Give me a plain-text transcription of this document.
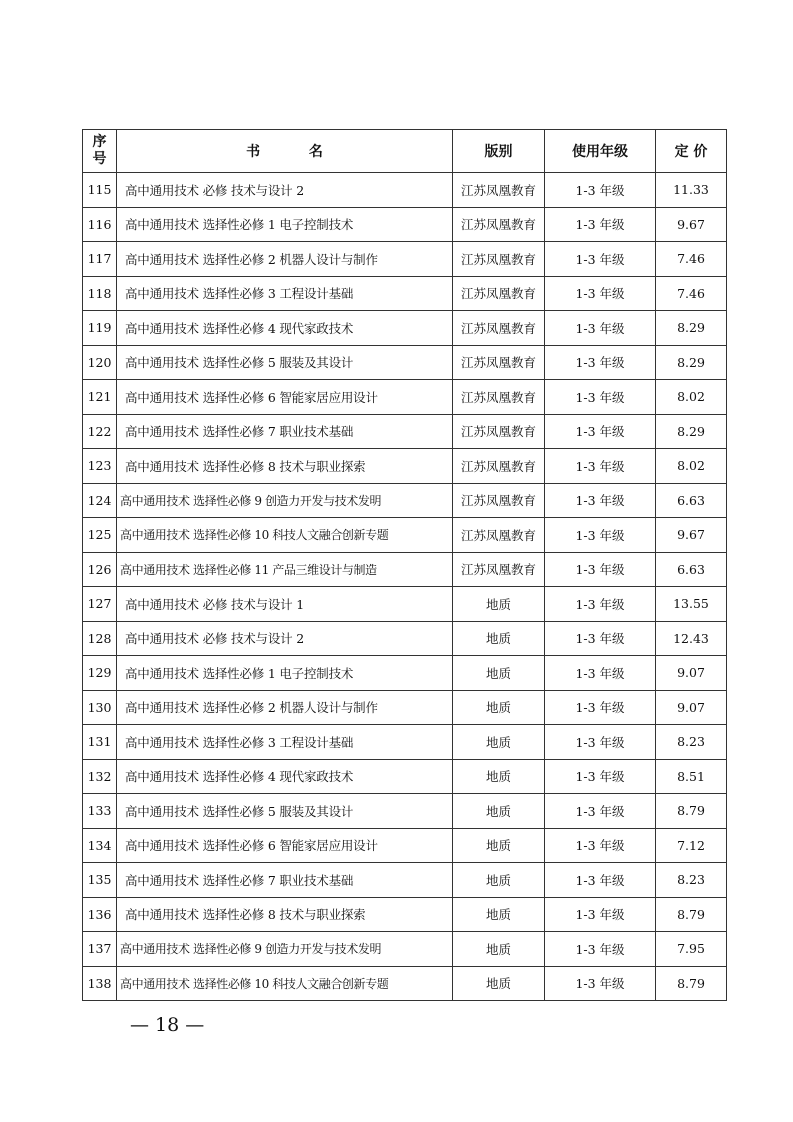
序号	书 名	版别	使用年级	定 价
115	高中通用技术 必修 技术与设计 2	江苏凤凰教育	1-3 年级	11.33
116	高中通用技术 选择性必修 1 电子控制技术	江苏凤凰教育	1-3 年级	9.67
117	高中通用技术 选择性必修 2 机器人设计与制作	江苏凤凰教育	1-3 年级	7.46
118	高中通用技术 选择性必修 3 工程设计基础	江苏凤凰教育	1-3 年级	7.46
119	高中通用技术 选择性必修 4 现代家政技术	江苏凤凰教育	1-3 年级	8.29
120	高中通用技术 选择性必修 5 服装及其设计	江苏凤凰教育	1-3 年级	8.29
121	高中通用技术 选择性必修 6 智能家居应用设计	江苏凤凰教育	1-3 年级	8.02
122	高中通用技术 选择性必修 7 职业技术基础	江苏凤凰教育	1-3 年级	8.29
123	高中通用技术 选择性必修 8 技术与职业探索	江苏凤凰教育	1-3 年级	8.02
124	高中通用技术 选择性必修 9 创造力开发与技术发明	江苏凤凰教育	1-3 年级	6.63
125	高中通用技术 选择性必修 10 科技人文融合创新专题	江苏凤凰教育	1-3 年级	9.67
126	高中通用技术 选择性必修 11 产品三维设计与制造	江苏凤凰教育	1-3 年级	6.63
127	高中通用技术 必修 技术与设计 1	地质	1-3 年级	13.55
128	高中通用技术 必修 技术与设计 2	地质	1-3 年级	12.43
129	高中通用技术 选择性必修 1 电子控制技术	地质	1-3 年级	9.07
130	高中通用技术 选择性必修 2 机器人设计与制作	地质	1-3 年级	9.07
131	高中通用技术 选择性必修 3 工程设计基础	地质	1-3 年级	8.23
132	高中通用技术 选择性必修 4 现代家政技术	地质	1-3 年级	8.51
133	高中通用技术 选择性必修 5 服装及其设计	地质	1-3 年级	8.79
134	高中通用技术 选择性必修 6 智能家居应用设计	地质	1-3 年级	7.12
135	高中通用技术 选择性必修 7 职业技术基础	地质	1-3 年级	8.23
136	高中通用技术 选择性必修 8 技术与职业探索	地质	1-3 年级	8.79
137	高中通用技术 选择性必修 9 创造力开发与技术发明	地质	1-3 年级	7.95
138	高中通用技术 选择性必修 10 科技人文融合创新专题	地质	1-3 年级	8.79
— 18 —
